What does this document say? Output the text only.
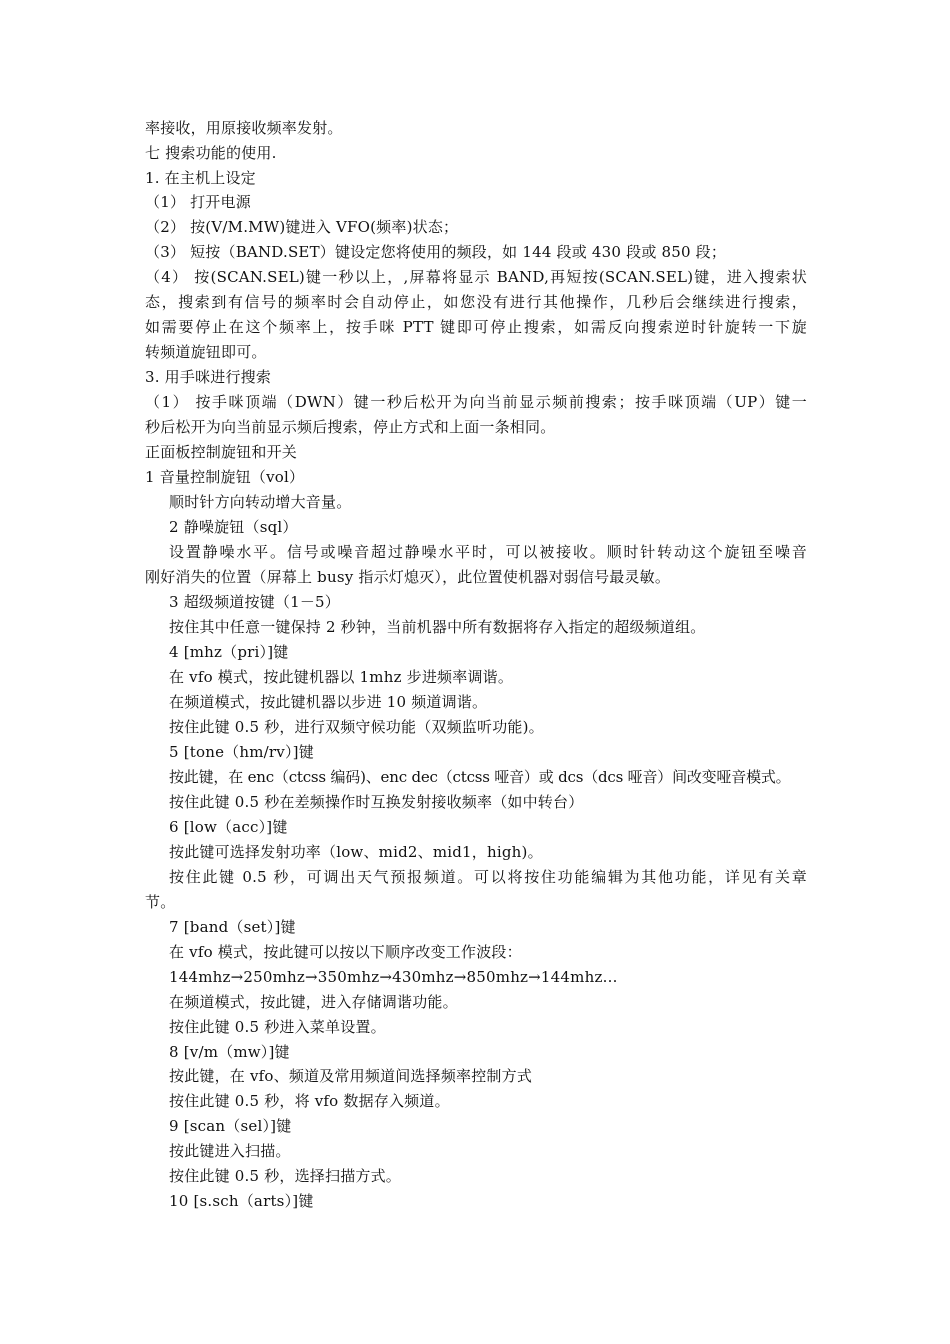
率接收，用原接收频率发射。
七 搜索功能的使用.
1. 在主机上设定
（1） 打开电源
（2） 按(V/M.MW)键进入 VFO(频率)状态；
（3） 短按（BAND.SET）键设定您将使用的频段，如 144 段或 430 段或 850 段；
（4） 按(SCAN.SEL)键一秒以上，,屏幕将显示 BAND,再短按(SCAN.SEL)键，进入搜索状
态，搜索到有信号的频率时会自动停止，如您没有进行其他操作，几秒后会继续进行搜索，
如需要停止在这个频率上，按手咪 PTT 键即可停止搜索，如需反向搜索逆时针旋转一下旋
转频道旋钮即可。
3. 用手咪进行搜索
（1） 按手咪顶端（DWN）键一秒后松开为向当前显示频前搜索；按手咪顶端（UP）键一
秒后松开为向当前显示频后搜索，停止方式和上面一条相同。
正面板控制旋钮和开关
1 音量控制旋钮（vol）
顺时针方向转动增大音量。
2 静噪旋钮（sql）
设置静噪水平。信号或噪音超过静噪水平时，可以被接收。顺时针转动这个旋钮至噪音
刚好消失的位置（屏幕上 busy 指示灯熄灭），此位置使机器对弱信号最灵敏。
3 超级频道按键（1－5）
按住其中任意一键保持 2 秒钟，当前机器中所有数据将存入指定的超级频道组。
4 [mhz（pri）]键
在 vfo 模式，按此键机器以 1mhz 步进频率调谐。
在频道模式，按此键机器以步进 10 频道调谐。
按住此键 0.5 秒，进行双频守候功能（双频监听功能)。
5 [tone（hm/rv）]键
按此键，在 enc（ctcss 编码)、enc dec（ctcss 哑音）或 dcs（dcs 哑音）间改变哑音模式。
按住此键 0.5 秒在差频操作时互换发射接收频率（如中转台）
6 [low（acc）]键
按此键可选择发射功率（low、mid2、mid1，high)。
按住此键 0.5 秒，可调出天气预报频道。可以将按住功能编辑为其他功能，详见有关章
节。
7 [band（set）]键
在 vfo 模式，按此键可以按以下顺序改变工作波段：
144mhz→250mhz→350mhz→430mhz→850mhz→144mhz…
在频道模式，按此键，进入存储调谐功能。
按住此键 0.5 秒进入菜单设置。
8 [v/m（mw）]键
按此键，在 vfo、频道及常用频道间选择频率控制方式
按住此键 0.5 秒，将 vfo 数据存入频道。
9 [scan（sel）]键
按此键进入扫描。
按住此键 0.5 秒，选择扫描方式。
10 [s.sch（arts）]键
